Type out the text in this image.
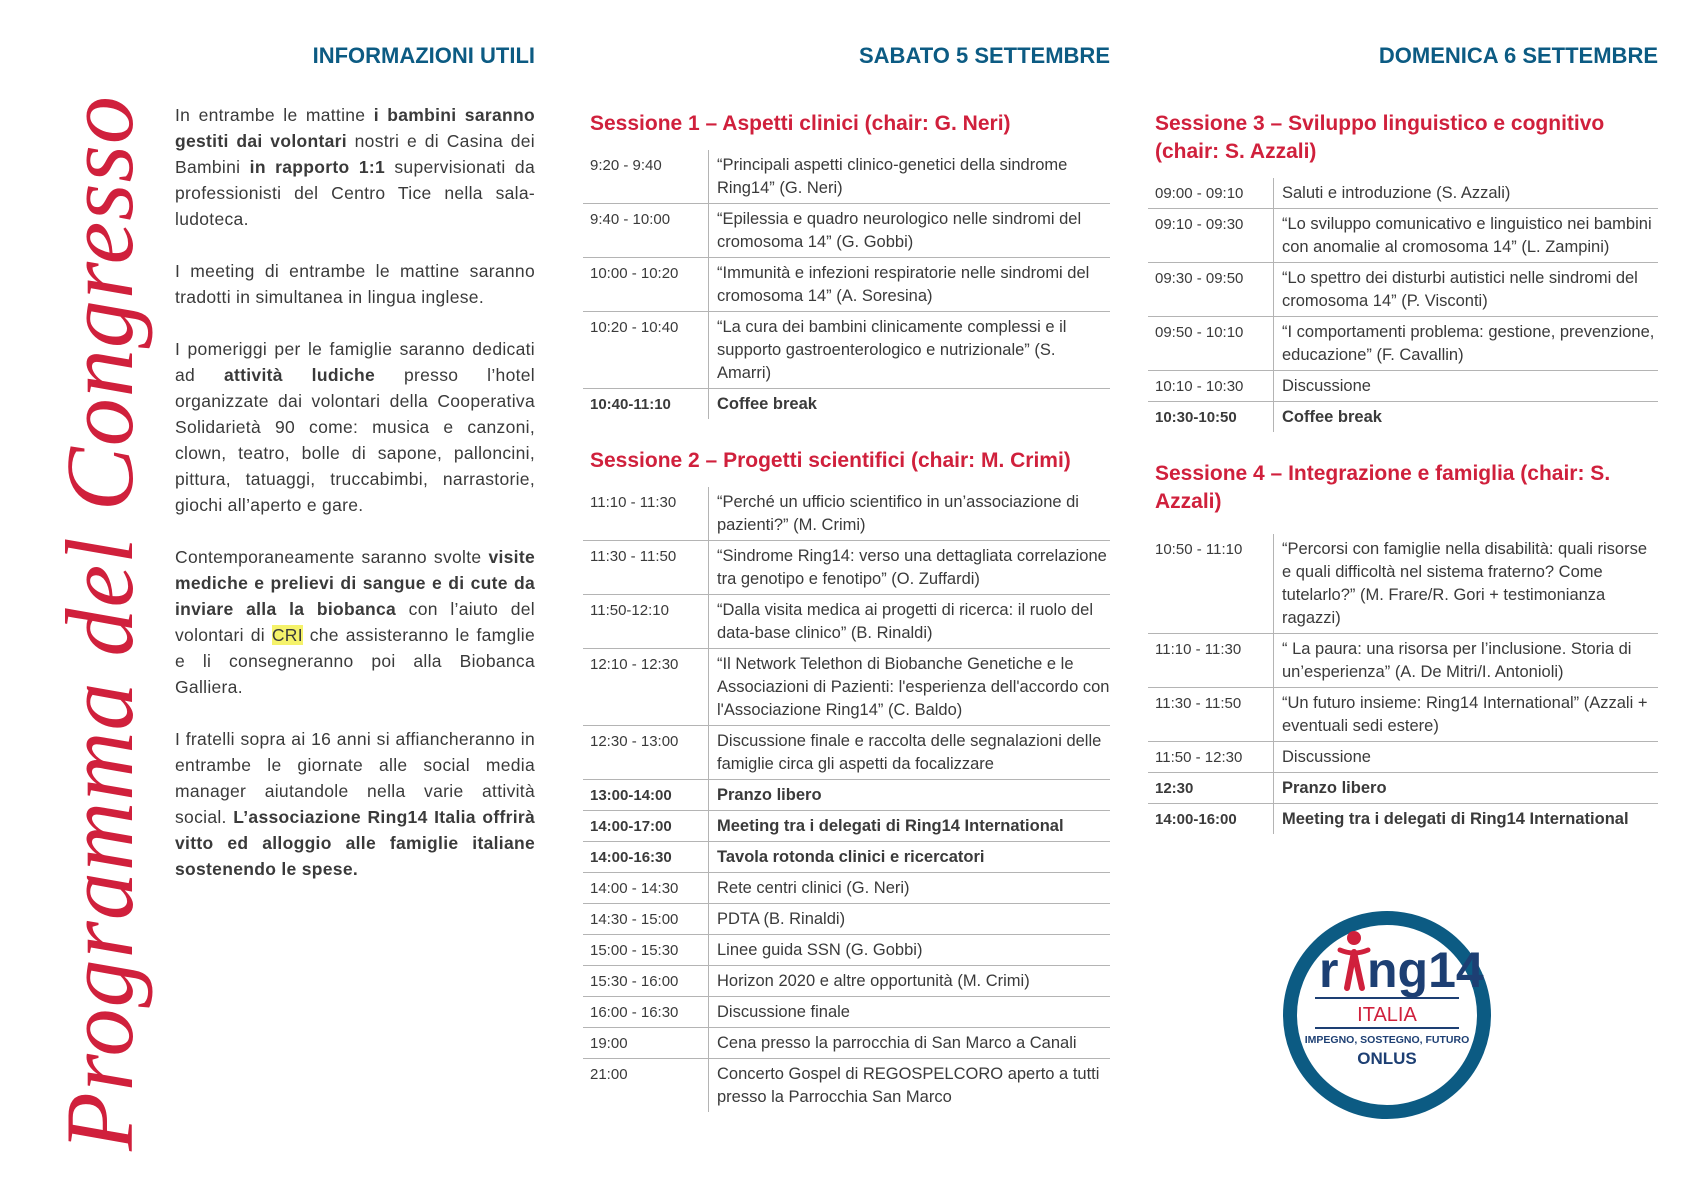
Programma del Congresso
INFORMAZIONI UTILI	SABATO 5 SETTEMBRE	DOMENICA 6 SETTEMBRE

In entrambe le mattine i bambini saranno gestiti dai volontari nostri e di Casina dei Bambini in rapporto 1:1 supervisionati da professionisti del Centro Tice nella sala-ludoteca.

I meeting di entrambe le mattine saranno tradotti in simultanea in lingua inglese.

I pomeriggi per le famiglie saranno dedicati ad attività ludiche presso l’hotel organizzate dai volontari della Cooperativa Solidarietà 90 come: musica e canzoni, clown, teatro, bolle di sapone, palloncini, pittura, tatuaggi, truccabimbi, narrastorie, giochi all’aperto e gare.

Contemporaneamente saranno svolte visite mediche e prelievi di sangue e di cute da inviare alla la biobanca con l’aiuto del volontari di CRI che assisteranno le famglie e li consegneranno poi alla Biobanca Galliera.

I fratelli sopra ai 16 anni si affiancheranno in entrambe le giornate alle social media manager aiutandole nella varie attività social. L’associazione Ring14 Italia offrirà vitto ed alloggio alle famiglie italiane sostenendo le spese.

Sessione 1 – Aspetti clinici (chair: G. Neri)
9:20 - 9:40	“Principali aspetti clinico-genetici della sindrome Ring14” (G. Neri)
9:40 - 10:00	“Epilessia e quadro neurologico nelle sindromi del cromosoma 14” (G. Gobbi)
10:00 - 10:20	“Immunità e infezioni respiratorie nelle sindromi del cromosoma 14” (A. Soresina)
10:20 - 10:40	“La cura dei bambini clinicamente complessi e il supporto gastroenterologico e nutrizionale” (S. Amarri)
10:40-11:10	Coffee break
Sessione 2 – Progetti scientifici (chair: M. Crimi)
11:10 - 11:30	“Perché un ufficio scientifico in un’associazione di pazienti?” (M. Crimi)
11:30 - 11:50	“Sindrome Ring14: verso una dettagliata correlazione tra genotipo e fenotipo” (O. Zuffardi)
11:50-12:10	“Dalla visita medica ai progetti di ricerca: il ruolo del data-base clinico” (B. Rinaldi)
12:10 - 12:30	“Il Network Telethon di Biobanche Genetiche e le Associazioni di Pazienti: l'esperienza dell'accordo con l'Associazione Ring14” (C. Baldo)
12:30 - 13:00	Discussione finale e raccolta delle segnalazioni delle famiglie circa gli aspetti da focalizzare
13:00-14:00	Pranzo libero
14:00-17:00	Meeting tra i delegati di Ring14 International
14:00-16:30	Tavola rotonda clinici e ricercatori
14:00 - 14:30	Rete centri clinici (G. Neri)
14:30 - 15:00	PDTA (B. Rinaldi)
15:00 - 15:30	Linee guida SSN (G. Gobbi)
15:30 - 16:00	Horizon 2020 e altre opportunità (M. Crimi)
16:00 - 16:30	Discussione finale
19:00	Cena presso la parrocchia di San Marco a Canali
21:00	Concerto Gospel di REGOSPELCORO aperto a tutti presso la Parrocchia San Marco
Sessione 3 – Sviluppo linguistico e cognitivo (chair: S. Azzali)
09:00 - 09:10	Saluti e introduzione (S. Azzali)
09:10 - 09:30	“Lo sviluppo comunicativo e linguistico nei bambini con anomalie al cromosoma 14” (L. Zampini)
09:30 - 09:50	“Lo spettro dei disturbi autistici nelle sindromi del cromosoma 14” (P. Visconti)
09:50 - 10:10	“I comportamenti problema: gestione, prevenzione, educazione” (F. Cavallin)
10:10 - 10:30	Discussione
10:30-10:50	Coffee break
Sessione 4 – Integrazione e famiglia (chair: S. Azzali)
10:50 - 11:10	“Percorsi con famiglie nella disabilità: quali risorse e quali difficoltà nel sistema fraterno? Come tutelarlo?” (M. Frare/R. Gori + testimonianza ragazzi)
11:10 - 11:30	“ La paura: una risorsa per l’inclusione. Storia di un’esperienza” (A. De Mitri/I. Antonioli)
11:30 - 11:50	“Un futuro insieme: Ring14 International” (Azzali + eventuali sedi estere)
11:50 - 12:30	Discussione
12:30	Pranzo libero
14:00-16:00	Meeting tra i delegati di Ring14 International
r ng14
ITALIA
IMPEGNO, SOSTEGNO, FUTURO
ONLUS
